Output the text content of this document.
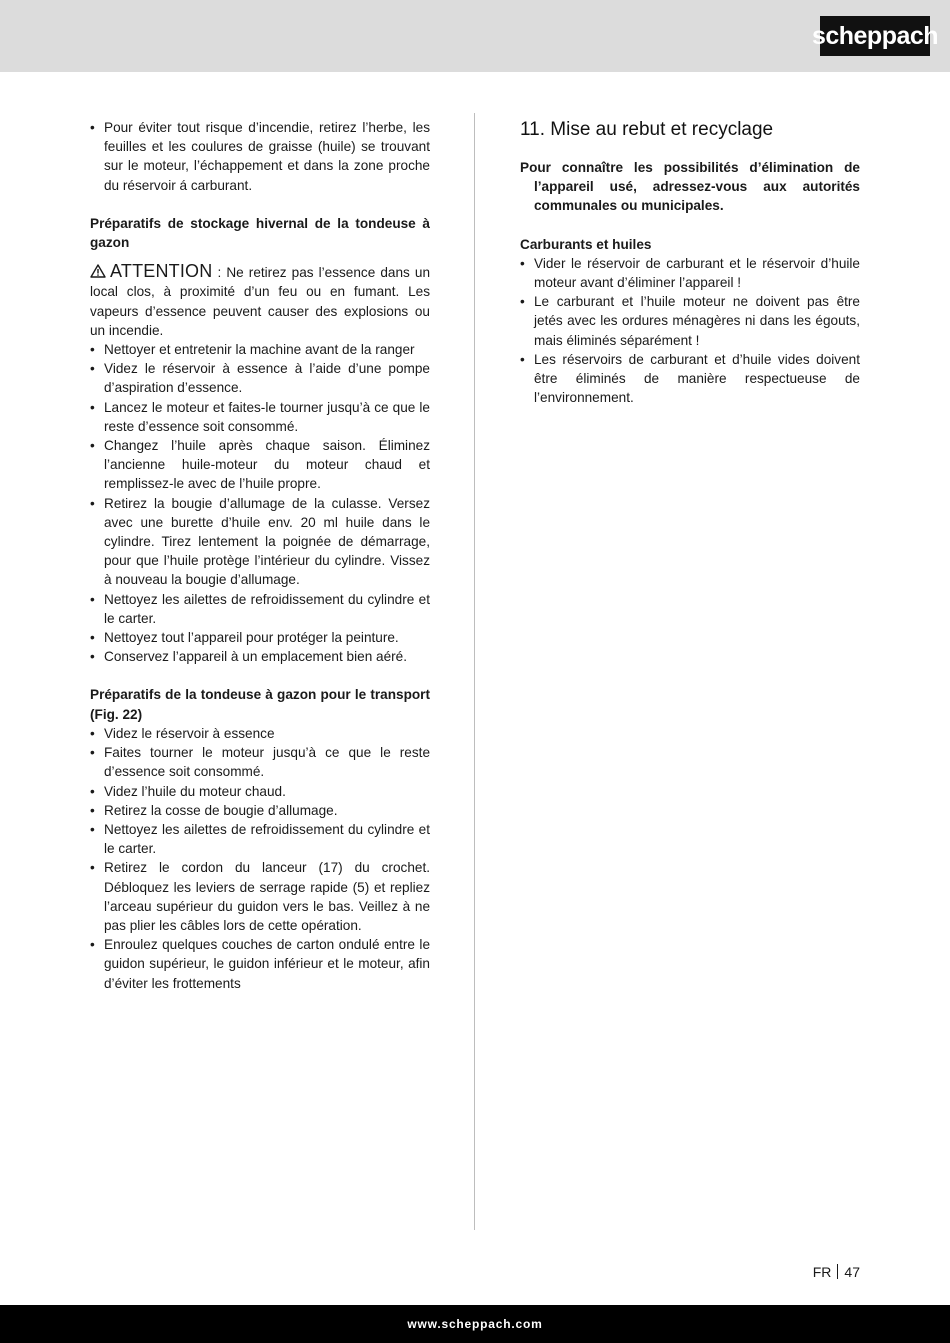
scheppach
• Pour éviter tout risque d’incendie, retirez l’herbe, les feuilles et les coulures de graisse (huile) se trouvant sur le moteur, l’échappement et dans la zone proche du réservoir á carburant.

Préparatifs de stockage hivernal de la tondeuse à gazon

ATTENTION : Ne retirez pas l’essence dans un local clos, à proximité d’un feu ou en fumant. Les vapeurs d’essence peuvent causer des explosions ou un incendie.

• Nettoyer et entretenir la machine avant de la ranger
• Videz le réservoir à essence à l’aide d’une pompe d’aspiration d’essence.
• Lancez le moteur et faites-le tourner jusqu’à ce que le reste d’essence soit consommé.
• Changez l’huile après chaque saison. Éliminez l’ancienne huile-moteur du moteur chaud et remplissez-le avec de l’huile propre.
• Retirez la bougie d’allumage de la culasse. Versez avec une burette d’huile env. 20 ml huile dans le cylindre. Tirez lentement la poignée de démarrage, pour que l’huile protège l’intérieur du cylindre. Vissez à nouveau la bougie d’allumage.
• Nettoyez les ailettes de refroidissement du cylindre et le carter.
• Nettoyez tout l’appareil pour protéger la peinture.
• Conservez l’appareil à un emplacement bien aéré.

Préparatifs de la tondeuse à gazon pour le transport (Fig. 22)

• Videz le réservoir à essence
• Faites tourner le moteur jusqu’à ce que le reste d’essence soit consommé.
• Videz l’huile du moteur chaud.
• Retirez la cosse de bougie d’allumage.
• Nettoyez les ailettes de refroidissement du cylindre et le carter.
• Retirez le cordon du lanceur (17) du crochet. Débloquez les leviers de serrage rapide (5) et repliez l’arceau supérieur du guidon vers le bas. Veillez à ne pas plier les câbles lors de cette opération.
• Enroulez quelques couches de carton ondulé entre le guidon supérieur, le guidon inférieur et le moteur, afin d’éviter les frottements
11. Mise au rebut et recyclage

Pour connaître les possibilités d’élimination de l’appareil usé, adressez-vous aux autorités communales ou municipales.

Carburants et huiles

• Vider le réservoir de carburant et le réservoir d’huile moteur avant d’éliminer l’appareil !
• Le carburant et l’huile moteur ne doivent pas être jetés avec les ordures ménagères ni dans les égouts, mais éliminés séparément !
• Les réservoirs de carburant et d’huile vides doivent être éliminés de manière respectueuse de l’environnement.
FR 47
www.scheppach.com
